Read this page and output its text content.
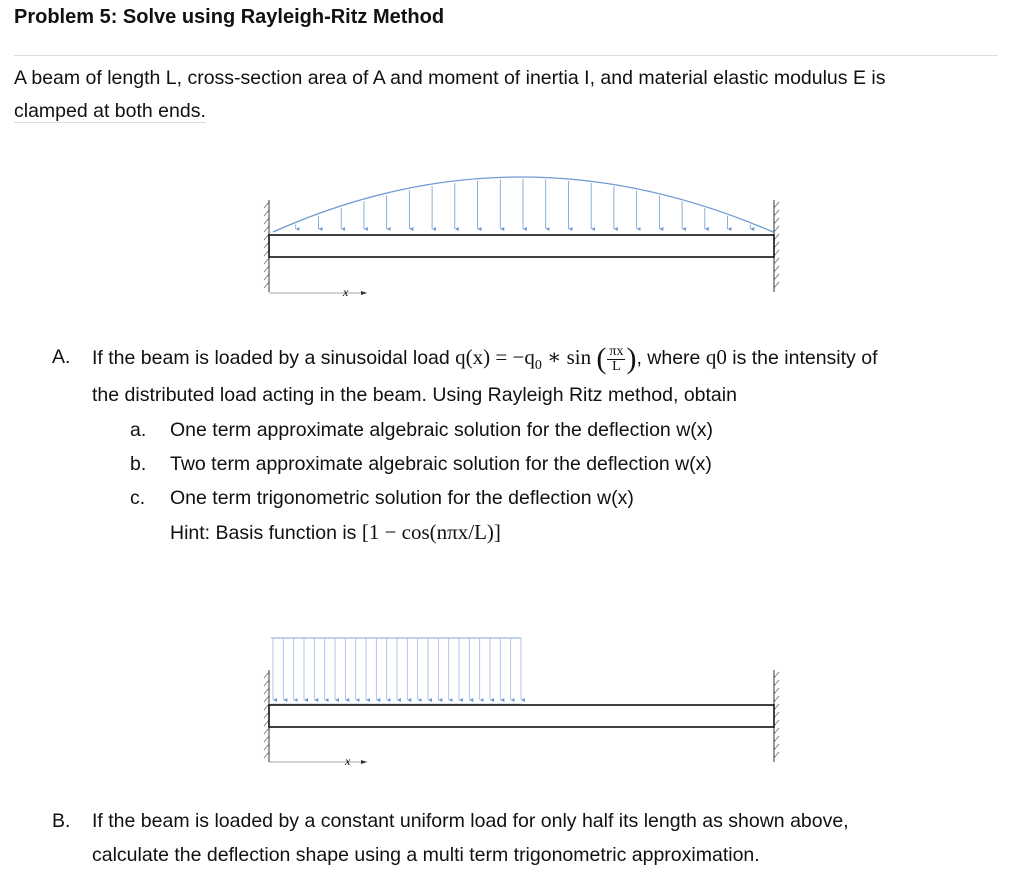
Problem 5: Solve using Rayleigh-Ritz Method
A beam of length L, cross-section area of A and moment of inertia I, and material elastic modulus E is
clamped at both ends.
x
A. If the beam is loaded by a sinusoidal load $q(x) = -q_0$ ∗ sin ( $\frac{\pi x}{L}$ ), where q0 is the intensity of
the distributed load acting in the beam. Using Rayleigh Ritz method, obtain
a. One term approximate algebraic solution for the deflection w(x)
b. Two term approximate algebraic solution for the deflection w(x)
c. One term trigonometric solution for the deflection w(x)
Hint: Basis function is [1 − cos(nπx/L)]
x
B. If the beam is loaded by a constant uniform load for only half its length as shown above,
calculate the deflection shape using a multi term trigonometric approximation.
